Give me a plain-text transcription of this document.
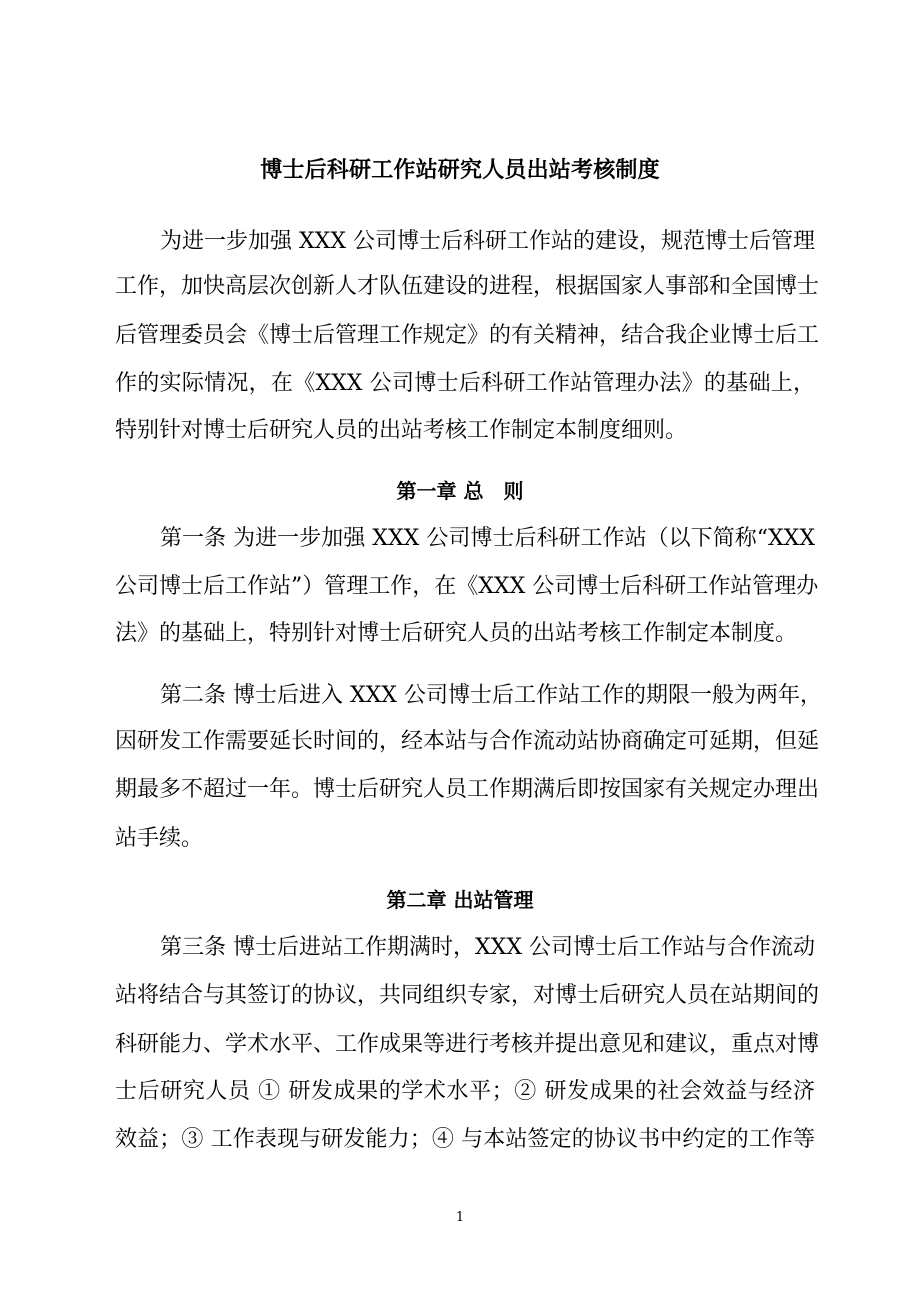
博士后科研工作站研究人员出站考核制度
为进一步加强 XXX 公司博士后科研工作站的建设，规范博士后管理
工作，加快高层次创新人才队伍建设的进程，根据国家人事部和全国博士
后管理委员会《博士后管理工作规定》的有关精神，结合我企业博士后工
作的实际情况，在《XXX 公司博士后科研工作站管理办法》的基础上，
特别针对博士后研究人员的出站考核工作制定本制度细则。
第一章 总　则
第一条 为进一步加强 XXX 公司博士后科研工作站（以下简称“XXX
公司博士后工作站”）管理工作，在《XXX 公司博士后科研工作站管理办
法》的基础上，特别针对博士后研究人员的出站考核工作制定本制度。
第二条 博士后进入 XXX 公司博士后工作站工作的期限一般为两年，
因研发工作需要延长时间的，经本站与合作流动站协商确定可延期，但延
期最多不超过一年。博士后研究人员工作期满后即按国家有关规定办理出
站手续。
第二章 出站管理
第三条 博士后进站工作期满时，XXX 公司博士后工作站与合作流动
站将结合与其签订的协议，共同组织专家，对博士后研究人员在站期间的
科研能力、学术水平、工作成果等进行考核并提出意见和建议，重点对博
士后研究人员 ① 研发成果的学术水平；② 研发成果的社会效益与经济
效益；③ 工作表现与研发能力；④ 与本站签定的协议书中约定的工作等
1
